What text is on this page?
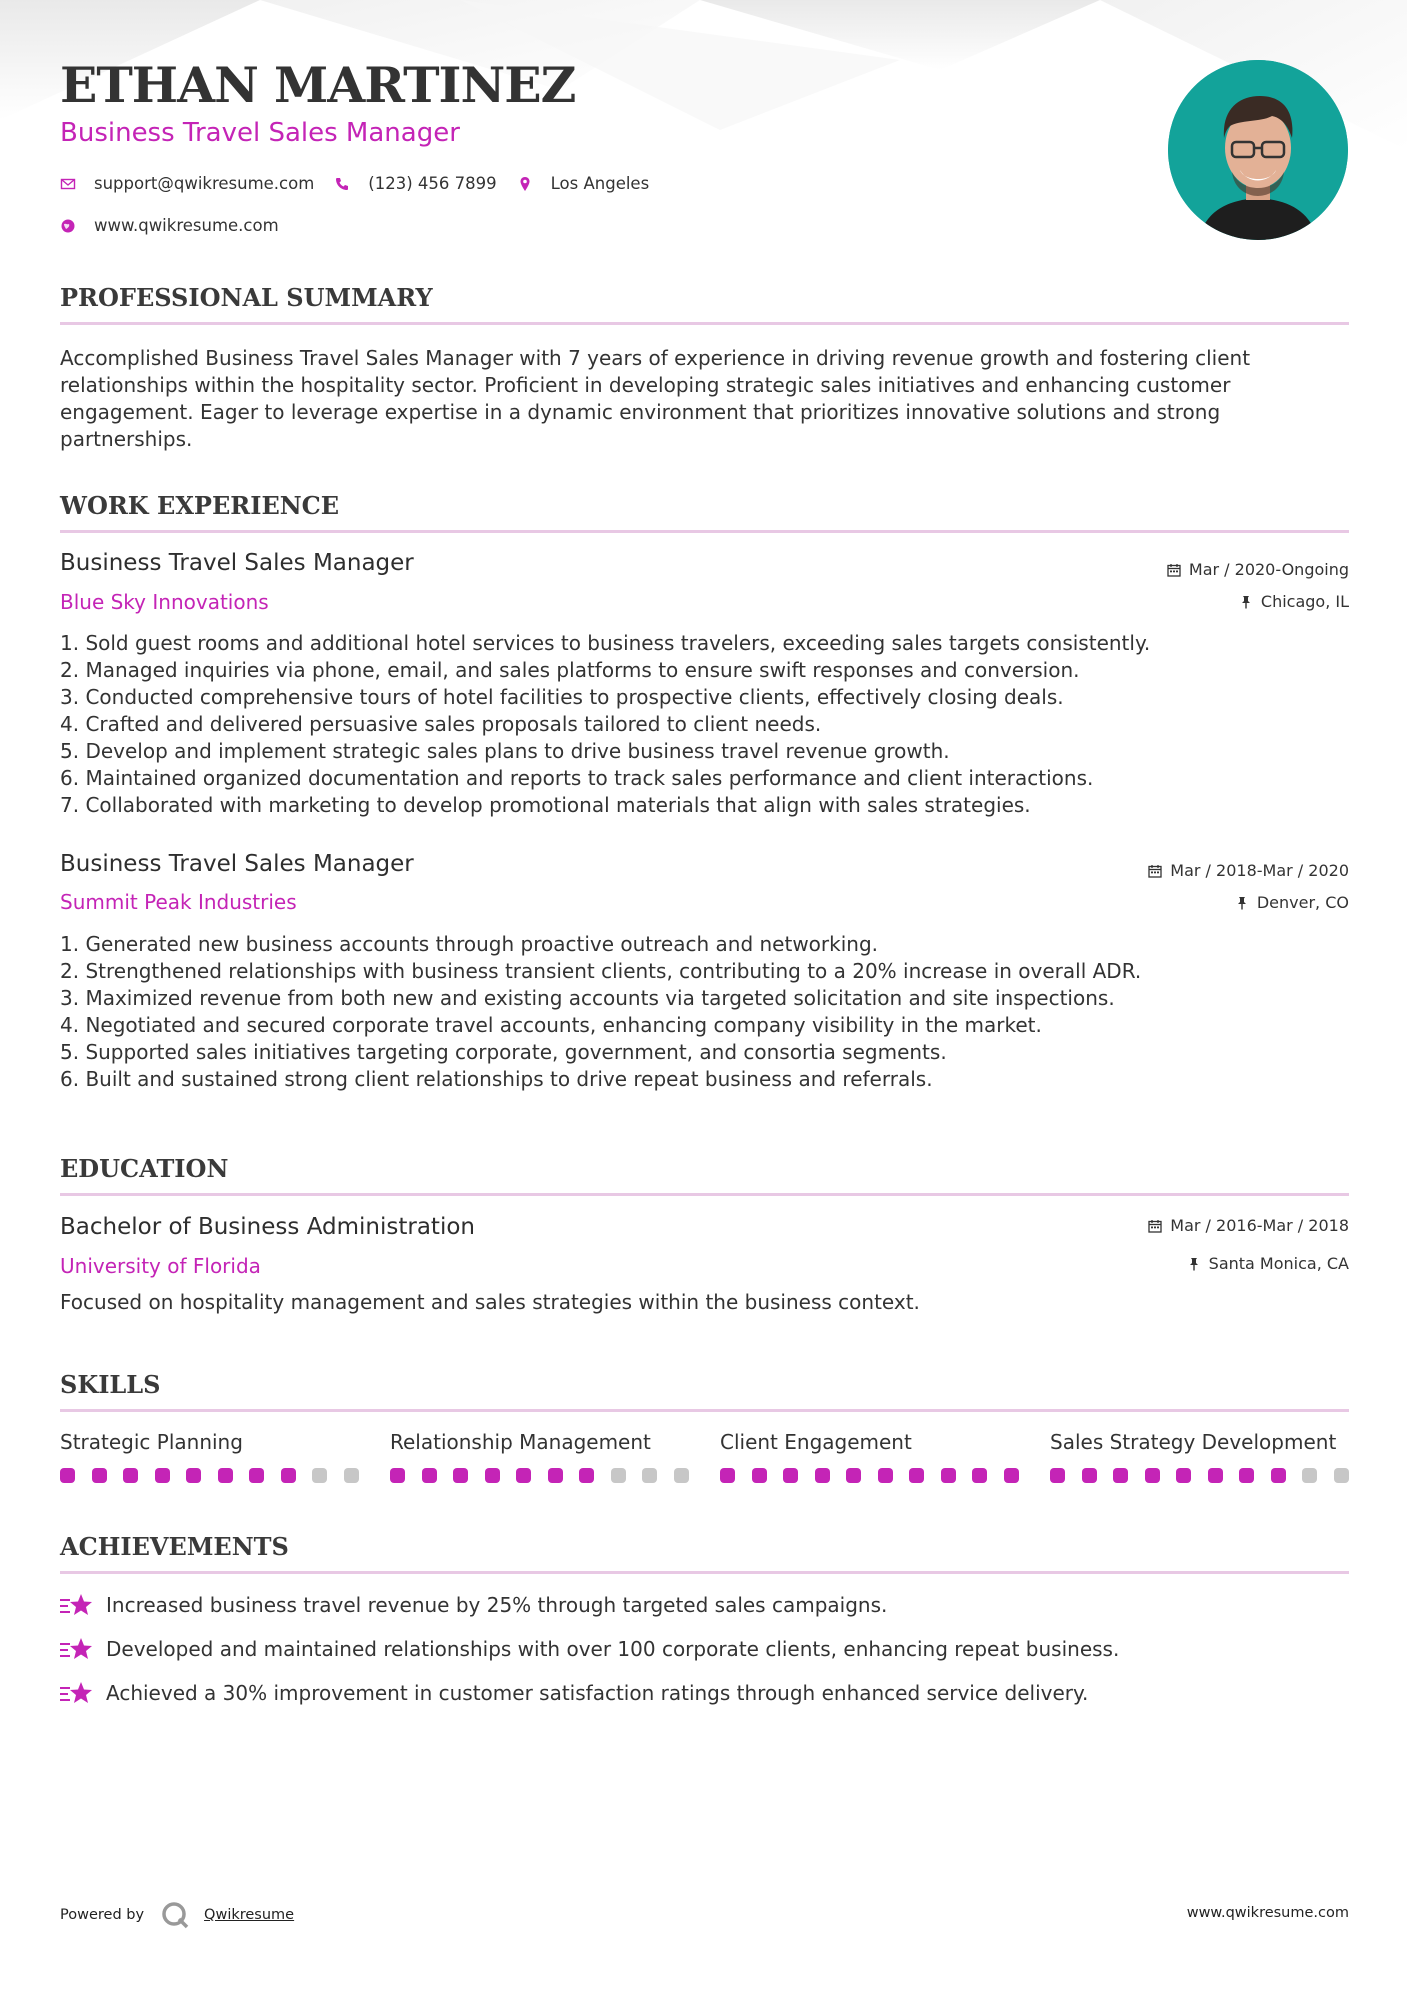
ETHAN MARTINEZ
Business Travel Sales Manager
support@qwikresume.com	(123) 456 7899	Los Angeles
www.qwikresume.com
PROFESSIONAL SUMMARY
Accomplished Business Travel Sales Manager with 7 years of experience in driving revenue growth and fostering client relationships within the hospitality sector. Proficient in developing strategic sales initiatives and enhancing customer engagement. Eager to leverage expertise in a dynamic environment that prioritizes innovative solutions and strong partnerships.
WORK EXPERIENCE
Business Travel Sales Manager
Blue Sky Innovations
Mar / 2020-Ongoing
Chicago, IL
1. Sold guest rooms and additional hotel services to business travelers, exceeding sales targets consistently.
2. Managed inquiries via phone, email, and sales platforms to ensure swift responses and conversion.
3. Conducted comprehensive tours of hotel facilities to prospective clients, effectively closing deals.
4. Crafted and delivered persuasive sales proposals tailored to client needs.
5. Develop and implement strategic sales plans to drive business travel revenue growth.
6. Maintained organized documentation and reports to track sales performance and client interactions.
7. Collaborated with marketing to develop promotional materials that align with sales strategies.
Business Travel Sales Manager
Summit Peak Industries
Mar / 2018-Mar / 2020
Denver, CO
1. Generated new business accounts through proactive outreach and networking.
2. Strengthened relationships with business transient clients, contributing to a 20% increase in overall ADR.
3. Maximized revenue from both new and existing accounts via targeted solicitation and site inspections.
4. Negotiated and secured corporate travel accounts, enhancing company visibility in the market.
5. Supported sales initiatives targeting corporate, government, and consortia segments.
6. Built and sustained strong client relationships to drive repeat business and referrals.
EDUCATION
Bachelor of Business Administration
University of Florida
Mar / 2016-Mar / 2018
Santa Monica, CA
Focused on hospitality management and sales strategies within the business context.
SKILLS
Strategic Planning	Relationship Management	Client Engagement	Sales Strategy Development
ACHIEVEMENTS
Increased business travel revenue by 25% through targeted sales campaigns.
Developed and maintained relationships with over 100 corporate clients, enhancing repeat business.
Achieved a 30% improvement in customer satisfaction ratings through enhanced service delivery.
Powered by	Qwikresume	www.qwikresume.com
